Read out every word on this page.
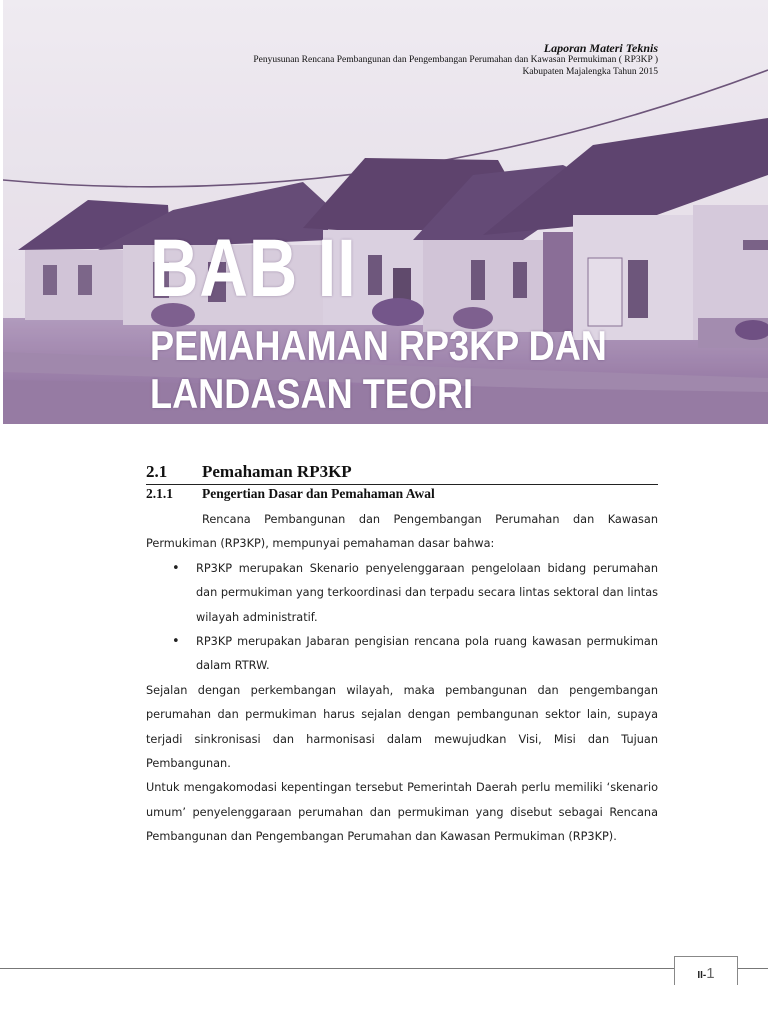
Laporan Materi Teknis
Penyusunan Rencana Pembangunan dan Pengembangan Perumahan dan Kawasan Permukiman ( RP3KP )
Kabupaten Majalengka Tahun 2015
BAB II
PEMAHAMAN RP3KP DAN
LANDASAN TEORI
2.1 Pemahaman RP3KP
2.1.1 Pengertian Dasar dan Pemahaman Awal

Rencana Pembangunan dan Pengembangan Perumahan dan Kawasan Permukiman (RP3KP), mempunyai pemahaman dasar bahwa:

• RP3KP merupakan Skenario penyelenggaraan pengelolaan bidang perumahan dan permukiman yang terkoordinasi dan terpadu secara lintas sektoral dan lintas wilayah administratif.
• RP3KP merupakan Jabaran pengisian rencana pola ruang kawasan permukiman dalam RTRW.

Sejalan dengan perkembangan wilayah, maka pembangunan dan pengembangan perumahan dan permukiman harus sejalan dengan pembangunan sektor lain, supaya terjadi sinkronisasi dan harmonisasi dalam mewujudkan Visi, Misi dan Tujuan Pembangunan.

Untuk mengakomodasi kepentingan tersebut Pemerintah Daerah perlu memiliki ‘skenario umum’ penyelenggaraan perumahan dan permukiman yang disebut sebagai Rencana Pembangunan dan Pengembangan Perumahan dan Kawasan Permukiman (RP3KP).

$_{II-}$1
